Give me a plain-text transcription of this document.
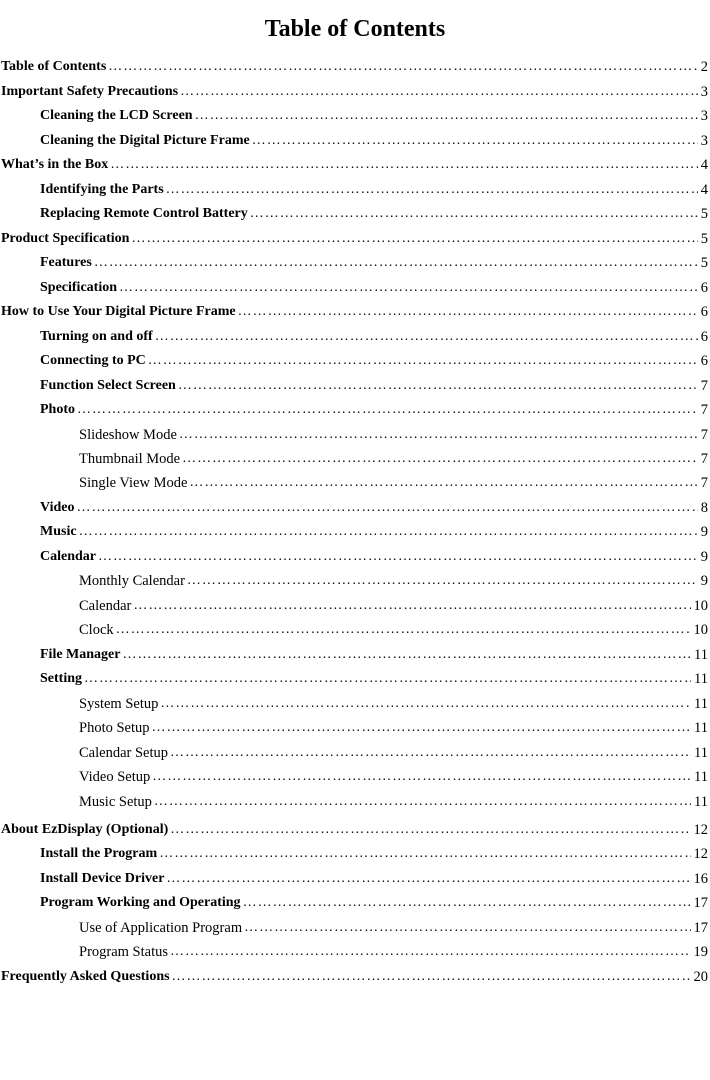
Table of Contents
Table of Contents …………………………………………………………………………………………………………………………………………………………………………………	2
Important Safety Precautions …………………………………………………………………………………………………………………………………………………………………………………	3
Cleaning the LCD Screen …………………………………………………………………………………………………………………………………………………………………………………	3
Cleaning the Digital Picture Frame …………………………………………………………………………………………………………………………………………………………………………………	3
What’s in the Box …………………………………………………………………………………………………………………………………………………………………………………	4
Identifying the Parts …………………………………………………………………………………………………………………………………………………………………………………	4
Replacing Remote Control Battery …………………………………………………………………………………………………………………………………………………………………………………	5
Product Specification …………………………………………………………………………………………………………………………………………………………………………………	5
Features …………………………………………………………………………………………………………………………………………………………………………………	5
Specification …………………………………………………………………………………………………………………………………………………………………………………	6
How to Use Your Digital Picture Frame …………………………………………………………………………………………………………………………………………………………………………………	6
Turning on and off …………………………………………………………………………………………………………………………………………………………………………………	6
Connecting to PC …………………………………………………………………………………………………………………………………………………………………………………	6
Function Select Screen …………………………………………………………………………………………………………………………………………………………………………………	7
Photo …………………………………………………………………………………………………………………………………………………………………………………	7
Slideshow Mode …………………………………………………………………………………………………………………………………………………………………………………	7
Thumbnail Mode …………………………………………………………………………………………………………………………………………………………………………………	7
Single View Mode …………………………………………………………………………………………………………………………………………………………………………………	7
Video …………………………………………………………………………………………………………………………………………………………………………………	8
Music …………………………………………………………………………………………………………………………………………………………………………………	9
Calendar …………………………………………………………………………………………………………………………………………………………………………………	9
Monthly Calendar …………………………………………………………………………………………………………………………………………………………………………………	9
Calendar …………………………………………………………………………………………………………………………………………………………………………………	10
Clock …………………………………………………………………………………………………………………………………………………………………………………	10
File Manager …………………………………………………………………………………………………………………………………………………………………………………	11
Setting …………………………………………………………………………………………………………………………………………………………………………………	11
System Setup …………………………………………………………………………………………………………………………………………………………………………………	11
Photo Setup …………………………………………………………………………………………………………………………………………………………………………………	11
Calendar Setup …………………………………………………………………………………………………………………………………………………………………………………	11
Video Setup …………………………………………………………………………………………………………………………………………………………………………………	11
Music Setup …………………………………………………………………………………………………………………………………………………………………………………	11
About EzDisplay (Optional) …………………………………………………………………………………………………………………………………………………………………………………	12
Install the Program …………………………………………………………………………………………………………………………………………………………………………………	12
Install Device Driver …………………………………………………………………………………………………………………………………………………………………………………	16
Program Working and Operating …………………………………………………………………………………………………………………………………………………………………………………	17
Use of Application Program …………………………………………………………………………………………………………………………………………………………………………………	17
Program Status …………………………………………………………………………………………………………………………………………………………………………………	19
Frequently Asked Questions …………………………………………………………………………………………………………………………………………………………………………………	20
